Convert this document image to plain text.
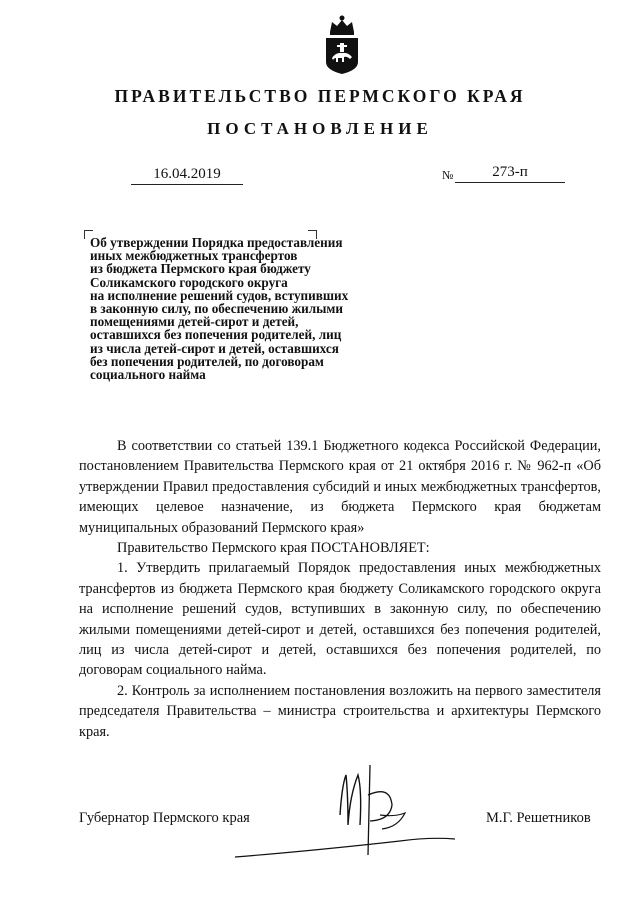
ПРАВИТЕЛЬСТВО ПЕРМСКОГО КРАЯ
ПОСТАНОВЛЕНИЕ
16.04.2019	№	273-п
Об утверждении Порядка предоставления
иных межбюджетных трансфертов
из бюджета Пермского края бюджету
Соликамского городского округа
на исполнение решений судов, вступивших
в законную силу, по обеспечению жилыми
помещениями детей-сирот и детей,
оставшихся без попечения родителей, лиц
из числа детей-сирот и детей, оставшихся
без попечения родителей, по договорам
социального найма

В соответствии со статьей 139.1 Бюджетного кодекса Российской Федерации, постановлением Правительства Пермского края от 21 октября 2016 г. № 962-п «Об утверждении Правил предоставления субсидий и иных межбюджетных трансфертов, имеющих целевое назначение, из бюджета Пермского края бюджетам муниципальных образований Пермского края»

Правительство Пермского края ПОСТАНОВЛЯЕТ:

1. Утвердить прилагаемый Порядок предоставления иных межбюджетных трансфертов из бюджета Пермского края бюджету Соликамского городского округа на исполнение решений судов, вступивших в законную силу, по обеспечению жилыми помещениями детей-сирот и детей, оставшихся без попечения родителей, лиц из числа детей-сирот и детей, оставшихся без попечения родителей, по договорам социального найма.

2. Контроль за исполнением постановления возложить на первого заместителя председателя Правительства – министра строительства и архитектуры Пермского края.

Губернатор Пермского края	М.Г. Решетников
